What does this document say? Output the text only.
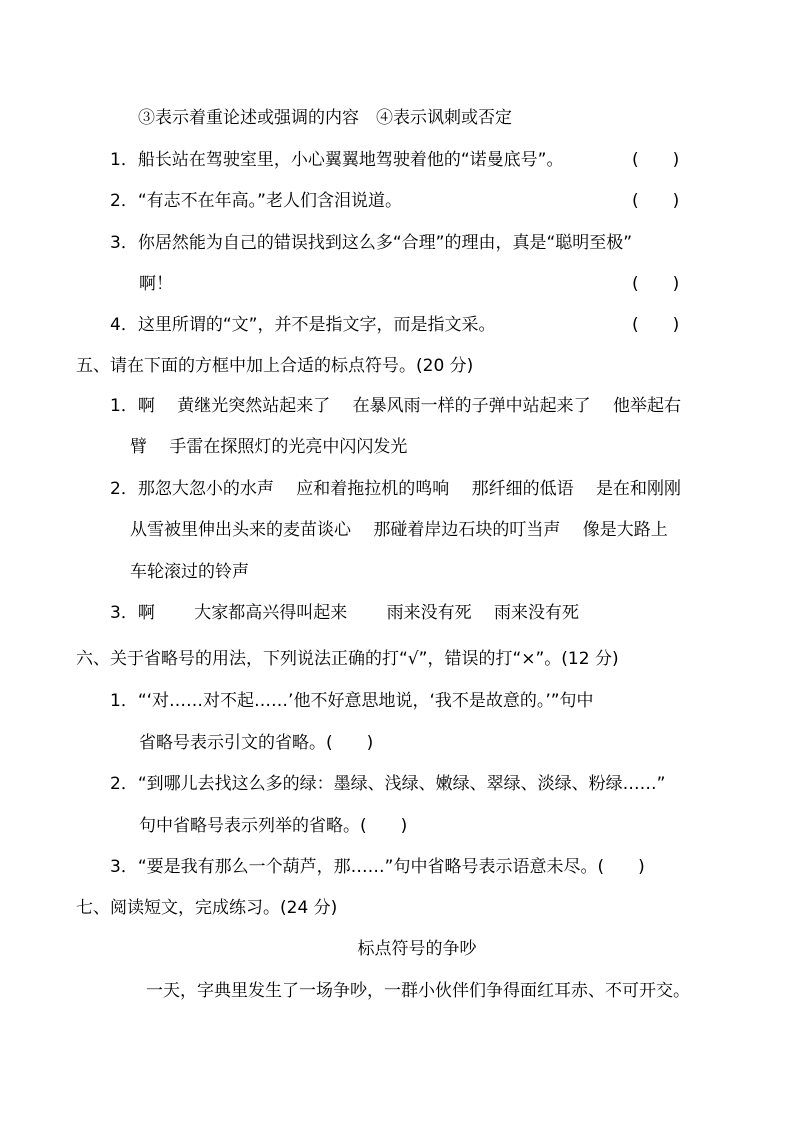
③表示着重论述或强调的内容　④表示讽刺或否定
1．船长站在驾驶室里，小心翼翼地驾驶着他的“诺曼底号”。	(　　)
2．“有志不在年高。”老人们含泪说道。	(　　)
3．你居然能为自己的错误找到这么多“合理”的理由，真是“聪明至极”
啊！	(　　)
4．这里所谓的“文”，并不是指文字，而是指文采。	(　　)
五、请在下面的方框中加上合适的标点符号。(20 分)
1．啊　 黄继光突然站起来了　 在暴风雨一样的子弹中站起来了　 他举起右
臂　 手雷在探照灯的光亮中闪闪发光
2．那忽大忽小的水声　 应和着拖拉机的鸣响　 那纤细的低语　 是在和刚刚
从雪被里伸出头来的麦苗谈心　 那碰着岸边石块的叮当声　 像是大路上
车轮滚过的铃声
3．啊　　 大家都高兴得叫起来　　 雨来没有死　 雨来没有死
六、关于省略号的用法，下列说法正确的打“√”，错误的打“×”。(12 分)
1．“‘对……对不起……’他不好意思地说，‘我不是故意的。’”句中
省略号表示引文的省略。(　　)
2．“到哪儿去找这么多的绿：墨绿、浅绿、嫩绿、翠绿、淡绿、粉绿……”
句中省略号表示列举的省略。(　　)
3．“要是我有那么一个葫芦，那……”句中省略号表示语意未尽。(　　)
七、阅读短文，完成练习。(24 分)
标点符号的争吵
一天，字典里发生了一场争吵，一群小伙伴们争得面红耳赤、不可开交。
